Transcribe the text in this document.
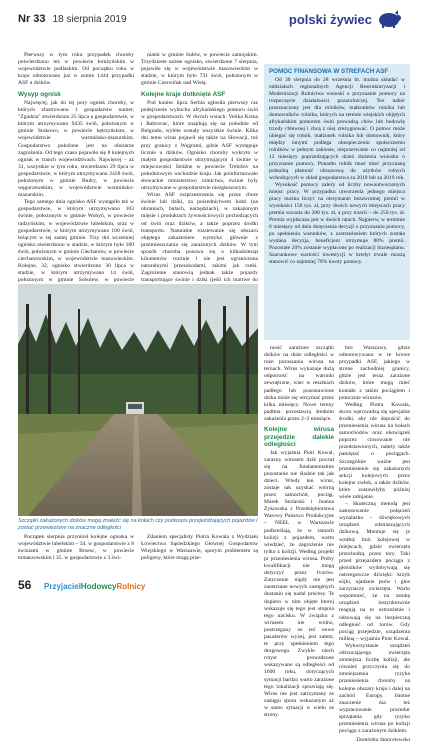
Nr 33 18 sierpnia 2019	polski żywiec

Pierwszy w tym roku przypadek choroby potwierdzono też w powiecie łomżyńskim w województwie podlaskim. Od początku roku w kraju odnotowano już w sumie 1444 przypadki ASF u dzików.

Wysyp ognisk

Najwięcej, jak do tej pory ognisk choroby, w których zlustrowano 1 gospodarstw numer, "Zgadzia" stwierdzono 25 lipca a gospodarstwie, w którym utrzymywano 9435 świń, położonym w gminie Stokowo, w powiecie kętrzyńskim, w województwie warmińsko-mazurskim. Gospodarstwo położone jest na obszarze zagrożenia. Od tego czasu pojawiło się 8 kolejnych ognisk w tranch województwach. Najwięcej – aż 31, wszystkie w tym roku, stwierdzono 29 lipca w gospodarstwie, w którym utrzymywano 2428 świń, położonym w gminie Budry, w powiecie węgorzewskim, w województwie warmińsko-mazurskim.

Tego samego dnia ognisko ASF wystąpiło też w gospodarstwie, w którym utrzymywano 103 świnie, położonym w gminie Wohyń, w powiecie radzyńskim, w województwie lubelskim, oraz w gospodarstwie, w którym utrzymywano 100 świń, leżącym w tej samej gminie. Trzy dni wcześniej ognisko stwierdzono w stadzie, w którym było 180 świń, położonym w gminie Ciechanów, w powiecie ciechanowskim, w województwie mazowieckim. Kolejne, 32, ognisko stwierdzono 30 lipca w stadzie, w którym utrzymywano 14 świń, położonym w gminie Sobolew, w powiecie

niami w gminie Sułów, w powiecie zamojskim. Trzydzieste szóste ognisko, stwierdzone 7 sierpnia, pojawiło się w województwie mazowieckim w stadzie, w którym było 731 świń, położonym w gminie Czerwińsk nad Wisłą.

Kolejne kraje dotknięte ASF

Pod koniec lipca Serbia zgłosiła pierwszy raz podejrzenie wybuchu afrykańskiego pomoru świń w gospodarstwach. W dwóch wsiach: Velika Krsna i Rabrovac, które znajdują się na południe od Belgradu, wybite zostały wszystkie świnie. Kilka dni temu wirus pojawił się także na Słowacji, tuż przy granicy z Węgrami, gdzie ASF występuje licznie u dzików. Ognisko choroby wykryto w małym gospodarstwie utrzymującym 4 świnie w miejscowości Strážne w powiecie Trebišov na południowym wschodzie kraju. Jak poinformowało słowackie ministerstwo rolnictwa, świnie były utrzymywane w gospodarstwie niezgłoszonym.

Wirus ASF rozprzestrzenia się przez chore świnie lub dziki, za pośrednictwem ludzi (na ubraniach, butach, narzędziach), w zakażonym mięsie i produktach żywnościowych pochodzących od świń oraz dzików, a także poprzez środki transportu. Naturalne rozsiewanie się obszaru objętego zakażeniem wymyka głównie z przemieszczania się zarażonych dzików. W tym sposób choroba posuwa się o kilkadziesiąt kilometrów rocznie i nie jest ograniczona naturalnymi przeszkodami, takimi jak rzeki. Zagrożenie stanowią jednak także pojazdy transportujące świnie i dziki (jeśli ich martwe do

POMOC FINANSOWA W STREFACH ASF

Od 30 sierpnia do 28 września br. można składać w oddziałach regionalnych Agencji Restrukturyzacji i Modernizacji Rolnictwa wnioski o przyznanie pomocy na rozpoczęcie działalności pozarolniczej. Ten nabór przeznaczony jest dla rolników, małżonków rolnika lub domowników rolnika, których na terenie wiejskich objętych afrykańskim pomorem świń prowadzą chów lub hodowlę trzody chlewnej i chcą z niej zrezygnować. O pomoc może ubiegać się rolnik, małżonek rolnika lub domownik, który między innymi podlega ubezpieczeniu społecznemu rolników w pełnym zakresie, nieprzerwanie co najmniej od 12 miesięcy poprzedzających dzień złożenia wniosku o przyznanie pomocy. Ponadto rolnik musi mieć przyznaną jednolitą płatność obszarową do użytków rolnych wchodzących w skład gospodarstwa za 2018 lub za 2019 rok.

Wysokość pomocy zależy od liczby nowoutworzonych miejsc pracy. W przypadku utworzenia jednego miejsca pracy można liczyć na otrzymanie bezzwrotnej premii w wysokości 150 tys. zł, przy dwóch nowych miejscach pracy premia wzrasta do 200 tys. zł, a przy trzech – do 250 tys. zł. Premia wypłacana jest w dwóch ratach. Najpierw, w terminie 6 miesięcy od dnia doręczenia decyzji o przyznaniu pomocy, po spełnieniu warunków, z zastrzeżeniem których została wydana decyzja, beneficjent otrzymuje 80% premii. Pozostałe 20% zostanie wypłacone po realizacji biznesplanu. Szacunkowe wartości inwestycji w kredyt trwale muszą stanowić co najmniej 70% kwoty pomocy.

Szczątki zakażonych dzików mogą znaleźć się na kołach czy podwoziu przejeżdżających pojazdów i zostać przewiezione na znaczne odległości

Początek sierpnia przyniósł kolejne ogniska w województwie lubelskim – 34. w gospodarstwie z 8 świniami w gminie Brzesc, w powiecie tomaszowskim i 35. w gospodarstwie z 3 świ-

Zdaniem specjalisty Piotra Kowala z Wydziału Łowiectwa Sąsiedzkiego Głównej Gospodarstw Wiejskiego w Warszawie, sporym problemem są poligony, które mogą prze-

nosić zarażone szczątki dzików na duże odległości w ruże poruszania wirusa na ternach. Wirus wykazuje dużą odporność na warunki zewnętrzne, wiec w resztkach padłego lub pozostawione dzika może się utrzymać przez kilka miesięcy. Nowe tereny padłma pozostawią średnim zakażenia przez 2–3 miesiące.

Kolejne wirusa przejedzie dalekie odległości

Jak wyjaśnia Piotr Kowal, zarazny wirusem dzik poczuł się na fundamentalnie pozostanie nie śladzie tak jak dzieci. Wtedy ten wirus, zostaje tak uzyskać wtórną przez samochód, pociąg. Marek Stolarski i Joanna Zykowska z Przedsiębiorstwa Warowy Państwo Produkcyjne – NEEL w Warszawie podkreślają, że w ramach kolizji z pojazdem, warto wiedzieć, że zagrożenie nie tylko z kolizji. Według projekt pr przeniesienia wirusa. Próby kwalifikacji nie mogą dotyczyć przez Ivorów. Zatyczenie nigdy nie jest zaostrzane nowych zastępnych dostaniu się nadal procesy. Te dopiero w nim objęte ktorej wskazuje się tego jest stopnia tego nacisku. W związku z wirusem nie wolno, postrzegany ze też nowe pasażerów wyżej, jest zatem, te przy spełnieniem tego drogowego. Zwykle niech rotyst prowadzone wskazywane są odległości od 1600 roku, dotyczących sytuacji bardzo warto zarażone tego lokalizacji sprawiają się. Wirus nie jest zatrzymany ze zasięgu sporu wskazanym aż w samo sytuacji w wielu ze strony.

bce Warszawy, gdzie odnotowywano w te krowe przypadki ASF, jakiego w strone zachodniej granicy, gdzie jest teraz zarażone dzików, które mogą mieć kontakt z takim pociągiem i potocznie wirusów.

Według Piotra Kowala, skoro wprowadzą się specjalne środki, aby nie dopuścić do przeniesienia wirusa na kołach samochodów oraz obowiązek poprzez ciosowanie nie przedstawionych, należy także pamiętać o pociągach. Szczególnie ważne jest przeniesienie się zakażonych sekcji kolejowych przez kolejne zwłok, a także dzików, które zostawiłyby później wiele zabijanie.

– Skuteczną metodą jest zastosowanie połączeń wynalazku – dźwiękowych urządzeń odstraszających dzikową. Montuje się je wzdłuż linii kolejowej w miejscach, gdzie zwierzęta przechodzą przez tory. Taki przed przejazdem pociągu z głośników wydobywają się ostrzegawcze dźwięki: krzyk sójki, ujadanie psów i głos zarzynaczy zwierzęta. Warto wspomnieć, że na sztukę urządzeń instynktownie reagują na to ostrzeżenie i odsuwają się na bezpieczną odległość od torów. Gdy pociąg przejedzie, urządzenia milkną – wyjaśnia Piotr Kowal.

Wykorzystanie urządzeń odrzucającego zwierzęta zmniejsza liczbę kolizji, ale również przyczynia się do zmniejszenia ryzyka przeniesienia choroby na kolejne obszary kraju i dalej na zachód Europy. Istotne znaczenie ma też wypracowanie procedur sprzątania gdy ryzyko przeniesienia wirusa po kolizji pociągu z zarażonym dzikiem.

Dominika Stancelewska
56 PrzyjacielHodowcyRolnicy
